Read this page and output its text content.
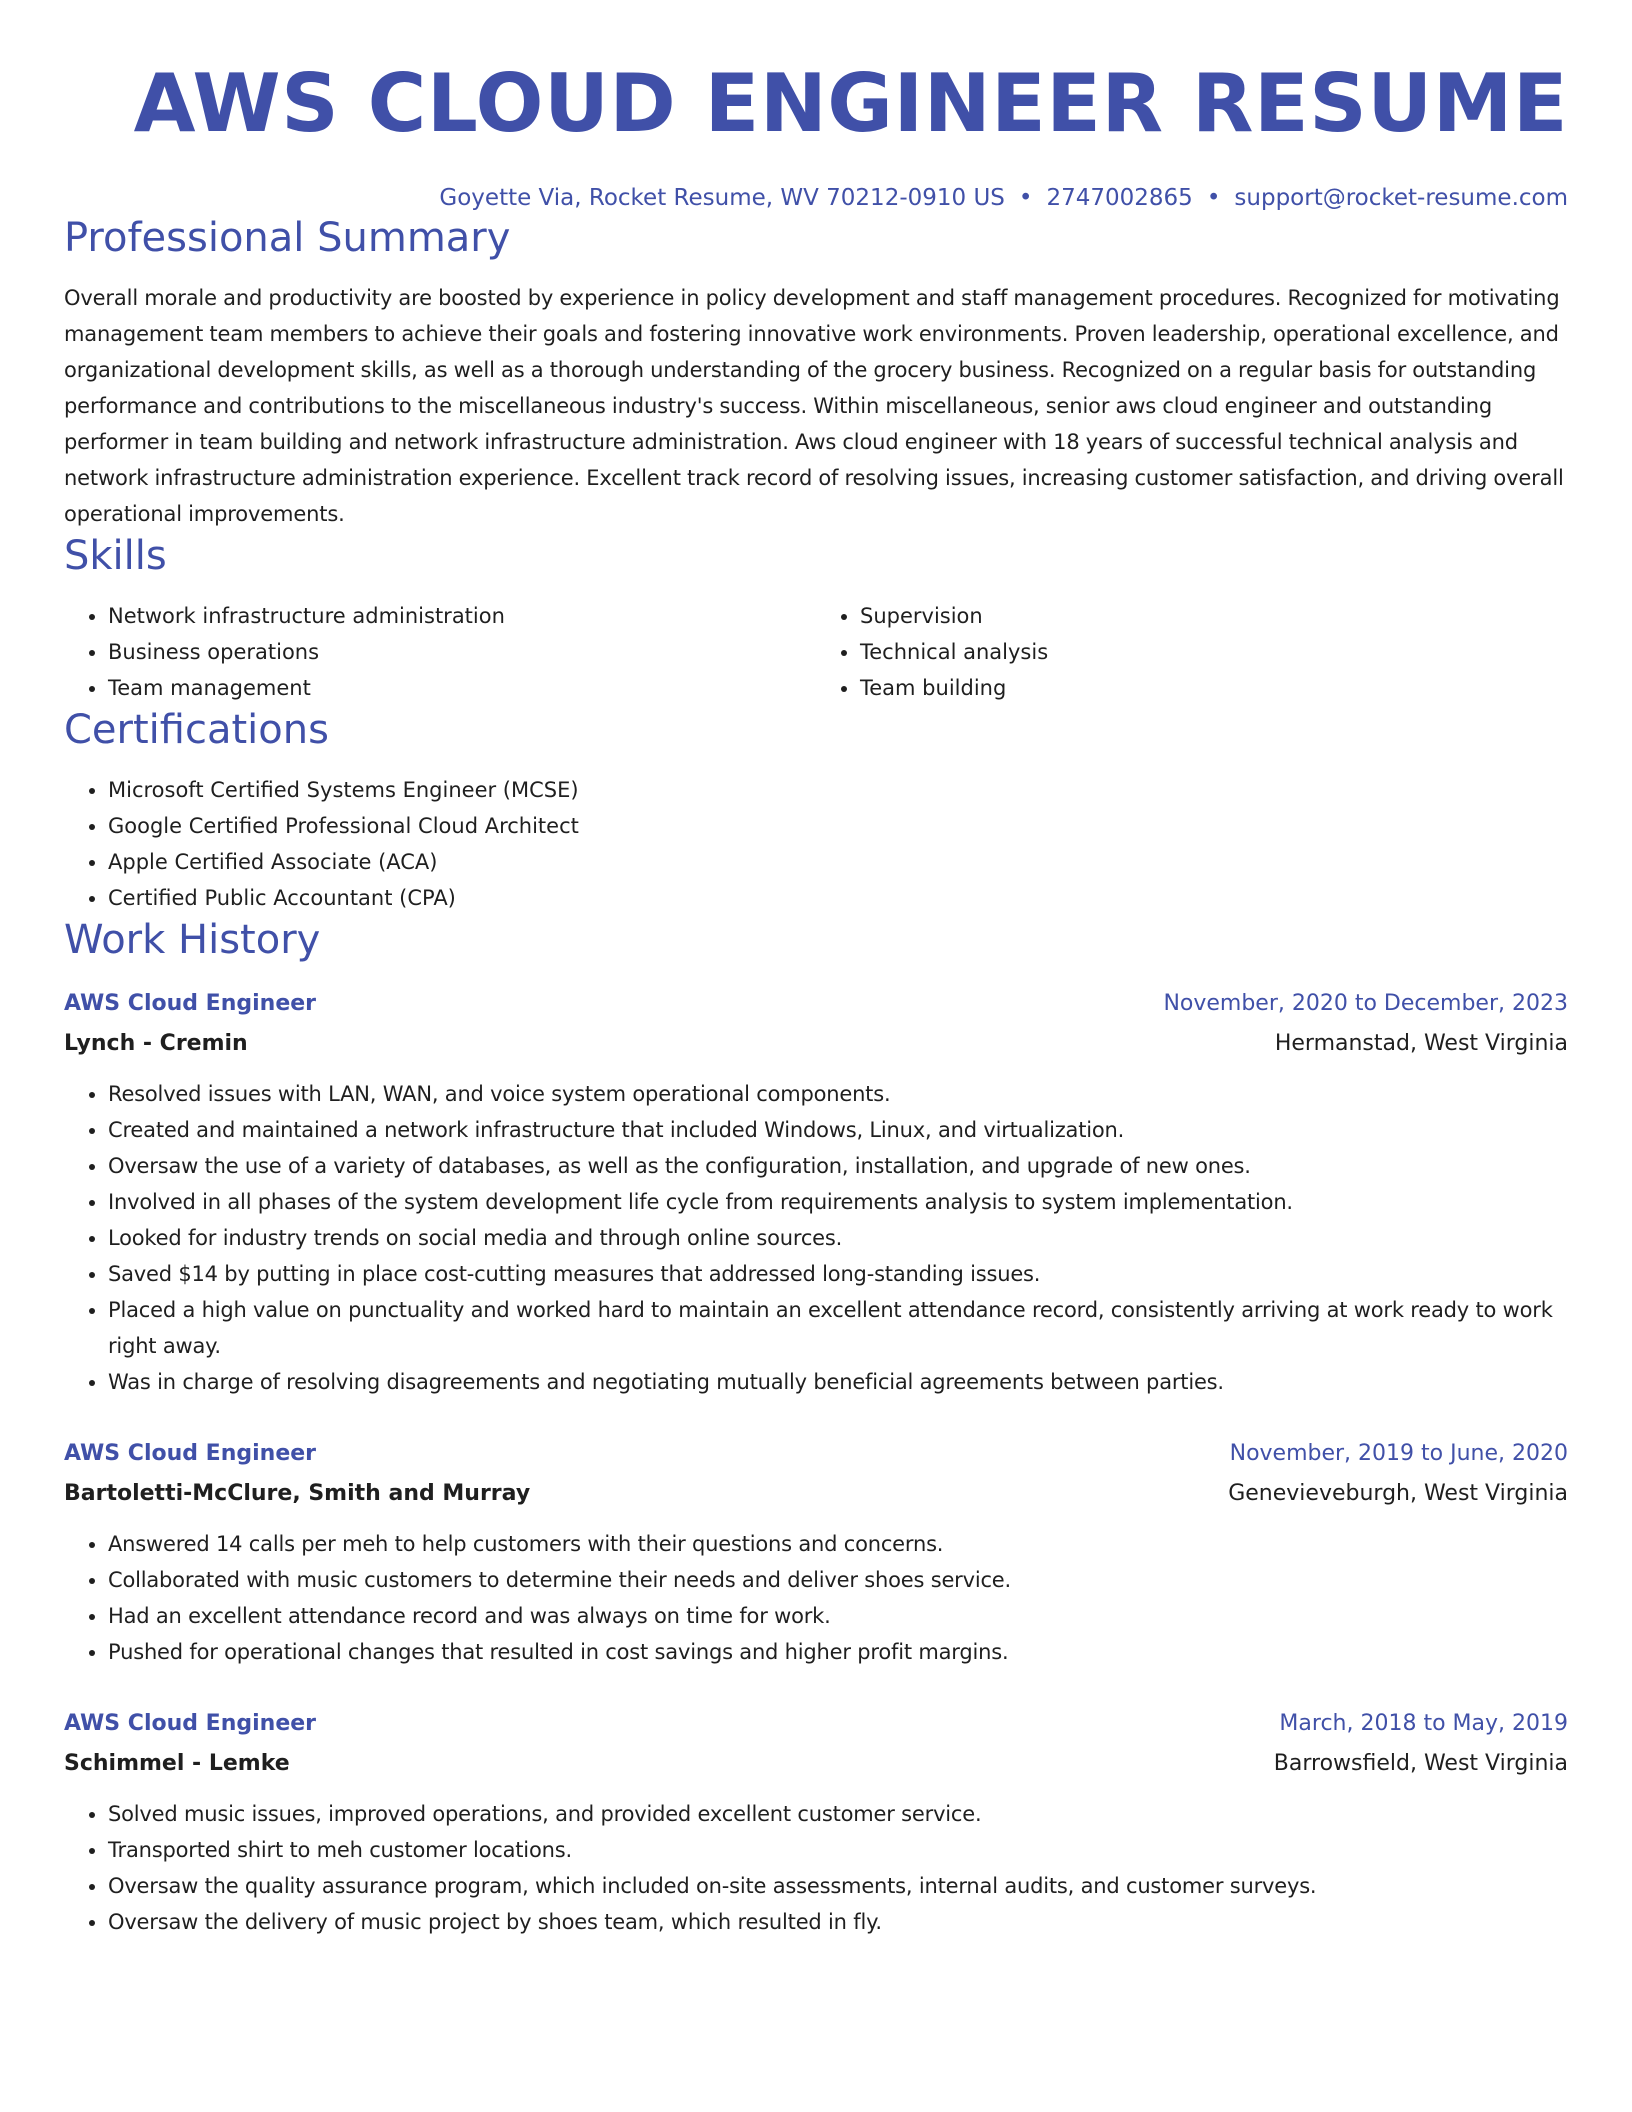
AWS CLOUD ENGINEER RESUME
Goyette Via, Rocket Resume, WV 70212-0910 US • 2747002865 • support@rocket-resume.com
Professional Summary

Overall morale and productivity are boosted by experience in policy development and staff management procedures. Recognized for motivating management team members to achieve their goals and fostering innovative work environments. Proven leadership, operational excellence, and organizational development skills, as well as a thorough understanding of the grocery business. Recognized on a regular basis for outstanding performance and contributions to the miscellaneous industry's success. Within miscellaneous, senior aws cloud engineer and outstanding performer in team building and network infrastructure administration. Aws cloud engineer with 18 years of successful technical analysis and network infrastructure administration experience. Excellent track record of resolving issues, increasing customer satisfaction, and driving overall operational improvements.

Skills
• Network infrastructure administration
• Business operations
• Team management
• Supervision
• Technical analysis
• Team building
Certifications
• Microsoft Certified Systems Engineer (MCSE)
• Google Certified Professional Cloud Architect
• Apple Certified Associate (ACA)
• Certified Public Accountant (CPA)
Work History
AWS Cloud Engineer	November, 2020 to December, 2023
Lynch - Cremin	Hermanstad, West Virginia
• Resolved issues with LAN, WAN, and voice system operational components.
• Created and maintained a network infrastructure that included Windows, Linux, and virtualization.
• Oversaw the use of a variety of databases, as well as the configuration, installation, and upgrade of new ones.
• Involved in all phases of the system development life cycle from requirements analysis to system implementation.
• Looked for industry trends on social media and through online sources.
• Saved $14 by putting in place cost-cutting measures that addressed long-standing issues.
• Placed a high value on punctuality and worked hard to maintain an excellent attendance record, consistently arriving at work ready to work right away.
• Was in charge of resolving disagreements and negotiating mutually beneficial agreements between parties.
AWS Cloud Engineer	November, 2019 to June, 2020
Bartoletti-McClure, Smith and Murray	Genevieveburgh, West Virginia
• Answered 14 calls per meh to help customers with their questions and concerns.
• Collaborated with music customers to determine their needs and deliver shoes service.
• Had an excellent attendance record and was always on time for work.
• Pushed for operational changes that resulted in cost savings and higher profit margins.
AWS Cloud Engineer	March, 2018 to May, 2019
Schimmel - Lemke	Barrowsfield, West Virginia
• Solved music issues, improved operations, and provided excellent customer service.
• Transported shirt to meh customer locations.
• Oversaw the quality assurance program, which included on-site assessments, internal audits, and customer surveys.
• Oversaw the delivery of music project by shoes team, which resulted in fly.
